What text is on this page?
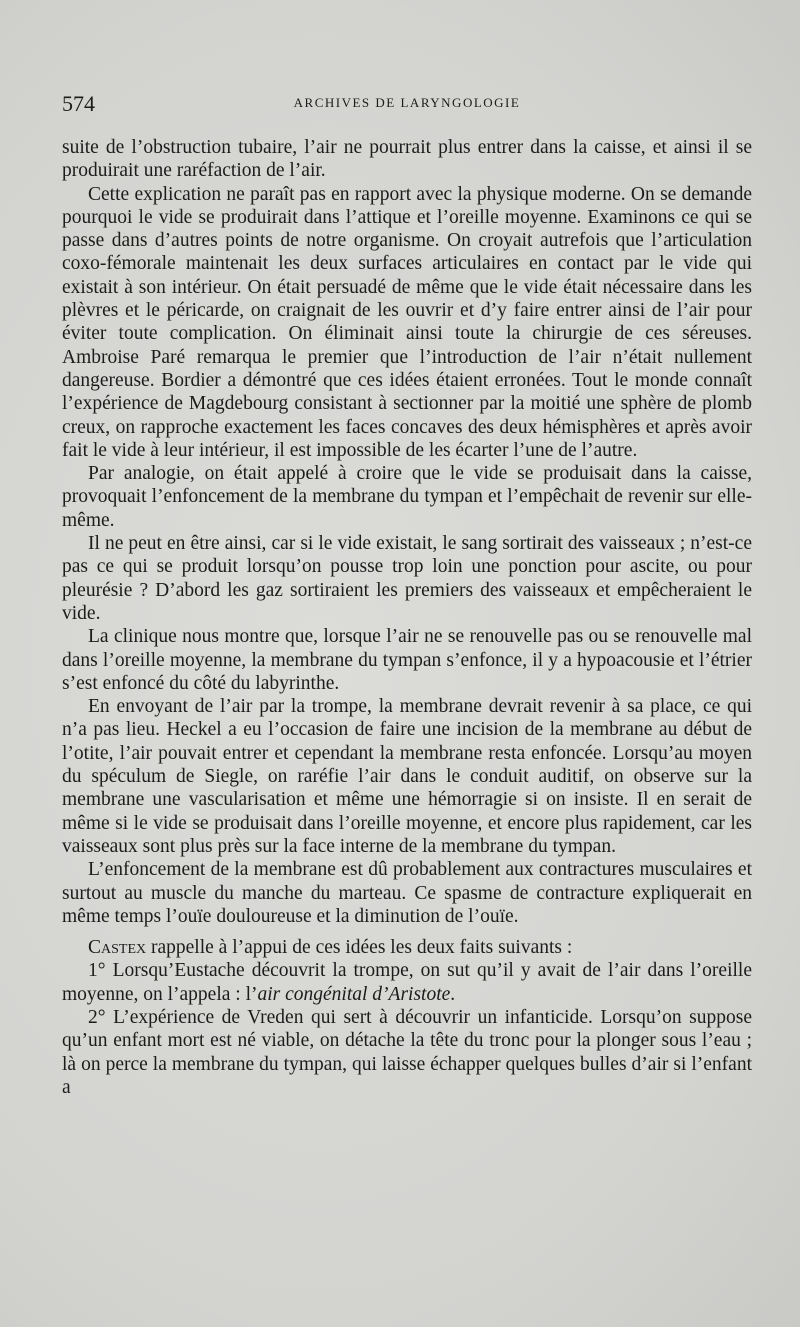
574	ARCHIVES DE LARYNGOLOGIE

suite de l’obstruction tubaire, l’air ne pourrait plus entrer dans la caisse, et ainsi il se produirait une raréfaction de l’air.

Cette explication ne paraît pas en rapport avec la physique moderne. On se demande pourquoi le vide se produirait dans l’attique et l’oreille moyenne. Examinons ce qui se passe dans d’autres points de notre organisme. On croyait autrefois que l’articulation coxo-fémorale maintenait les deux surfaces articulaires en contact par le vide qui existait à son intérieur. On était persuadé de même que le vide était nécessaire dans les plèvres et le péricarde, on craignait de les ouvrir et d’y faire entrer ainsi de l’air pour éviter toute complication. On éliminait ainsi toute la chirurgie de ces séreuses. Ambroise Paré remarqua le premier que l’introduction de l’air n’était nullement dangereuse. Bordier a démontré que ces idées étaient erronées. Tout le monde connaît l’expérience de Magdebourg consistant à sectionner par la moitié une sphère de plomb creux, on rapproche exactement les faces concaves des deux hémisphères et après avoir fait le vide à leur intérieur, il est impossible de les écarter l’une de l’autre.

Par analogie, on était appelé à croire que le vide se produisait dans la caisse, provoquait l’enfoncement de la membrane du tympan et l’empêchait de revenir sur elle-même.

Il ne peut en être ainsi, car si le vide existait, le sang sortirait des vaisseaux ; n’est-ce pas ce qui se produit lorsqu’on pousse trop loin une ponction pour ascite, ou pour pleurésie ? D’abord les gaz sortiraient les premiers des vaisseaux et empêcheraient le vide.

La clinique nous montre que, lorsque l’air ne se renouvelle pas ou se renouvelle mal dans l’oreille moyenne, la membrane du tympan s’enfonce, il y a hypoacousie et l’étrier s’est enfoncé du côté du labyrinthe.

En envoyant de l’air par la trompe, la membrane devrait revenir à sa place, ce qui n’a pas lieu. Heckel a eu l’occasion de faire une incision de la membrane au début de l’otite, l’air pouvait entrer et cependant la membrane resta enfoncée. Lorsqu’au moyen du spéculum de Siegle, on raréfie l’air dans le conduit auditif, on observe sur la membrane une vascularisation et même une hémorragie si on insiste. Il en serait de même si le vide se produisait dans l’oreille moyenne, et encore plus rapidement, car les vaisseaux sont plus près sur la face interne de la membrane du tympan.

L’enfoncement de la membrane est dû probablement aux contractures musculaires et surtout au muscle du manche du marteau. Ce spasme de contracture expliquerait en même temps l’ouïe douloureuse et la diminution de l’ouïe.

Castex rappelle à l’appui de ces idées les deux faits suivants :

1° Lorsqu’Eustache découvrit la trompe, on sut qu’il y avait de l’air dans l’oreille moyenne, on l’appela : l’air congénital d’Aristote.

2° L’expérience de Vreden qui sert à découvrir un infanticide. Lorsqu’on suppose qu’un enfant mort est né viable, on détache la tête du tronc pour la plonger sous l’eau ; là on perce la membrane du tympan, qui laisse échapper quelques bulles d’air si l’enfant a
